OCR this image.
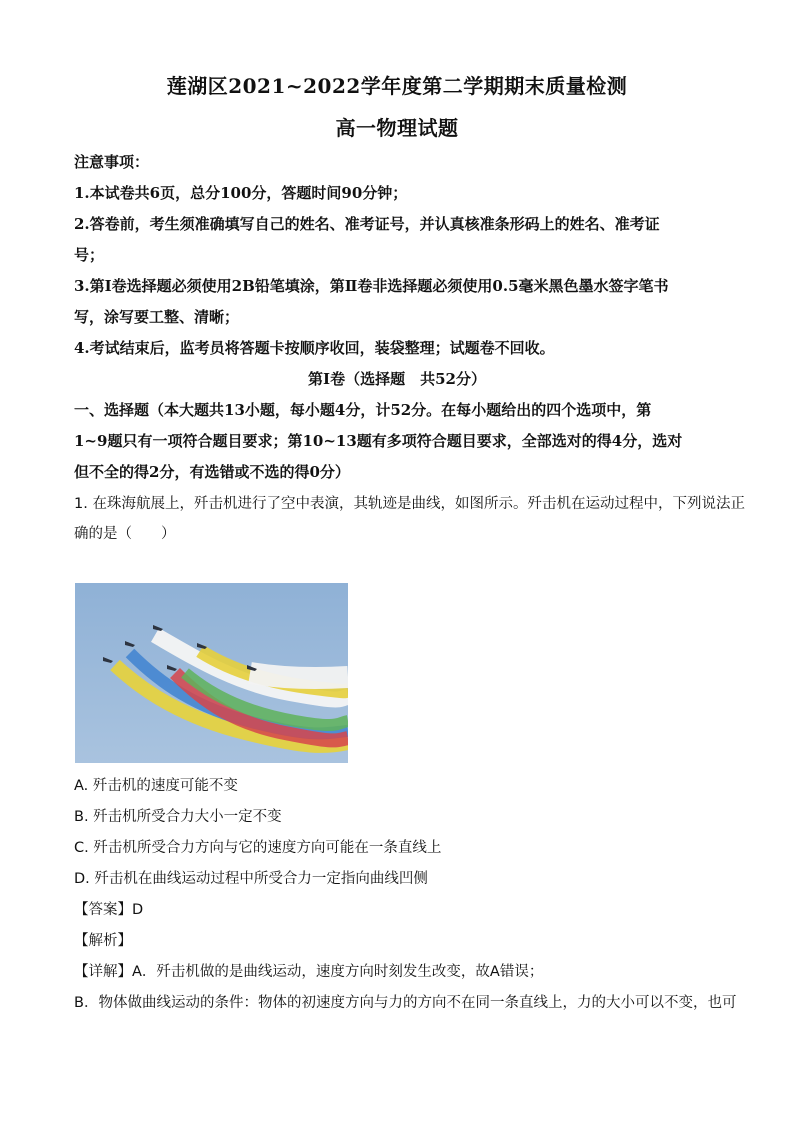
莲湖区2021~2022学年度第二学期期末质量检测
高一物理试题
注意事项：
1.本试卷共6页，总分100分，答题时间90分钟；
2.答卷前，考生须准确填写自己的姓名、准考证号，并认真核准条形码上的姓名、准考证
号；
3.第Ⅰ卷选择题必须使用2B铅笔填涂，第Ⅱ卷非选择题必须使用0.5毫米黑色墨水签字笔书
写，涂写要工整、清晰；
4.考试结束后，监考员将答题卡按顺序收回，装袋整理；试题卷不回收。
第Ⅰ卷（选择题　共52分）
一、选择题（本大题共13小题，每小题4分，计52分。在每小题给出的四个选项中，第
1~9题只有一项符合题目要求；第10~13题有多项符合题目要求，全部选对的得4分，选对
但不全的得2分，有选错或不选的得0分）
1. 在珠海航展上，歼击机进行了空中表演，其轨迹是曲线，如图所示。歼击机在运动过程中，下列说法正
确的是（　　）
A. 歼击机的速度可能不变
B. 歼击机所受合力大小一定不变
C. 歼击机所受合力方向与它的速度方向可能在一条直线上
D. 歼击机在曲线运动过程中所受合力一定指向曲线凹侧
【答案】D
【解析】
【详解】A．歼击机做的是曲线运动，速度方向时刻发生改变，故A错误；
B．物体做曲线运动的条件：物体的初速度方向与力的方向不在同一条直线上，力的大小可以不变，也可
